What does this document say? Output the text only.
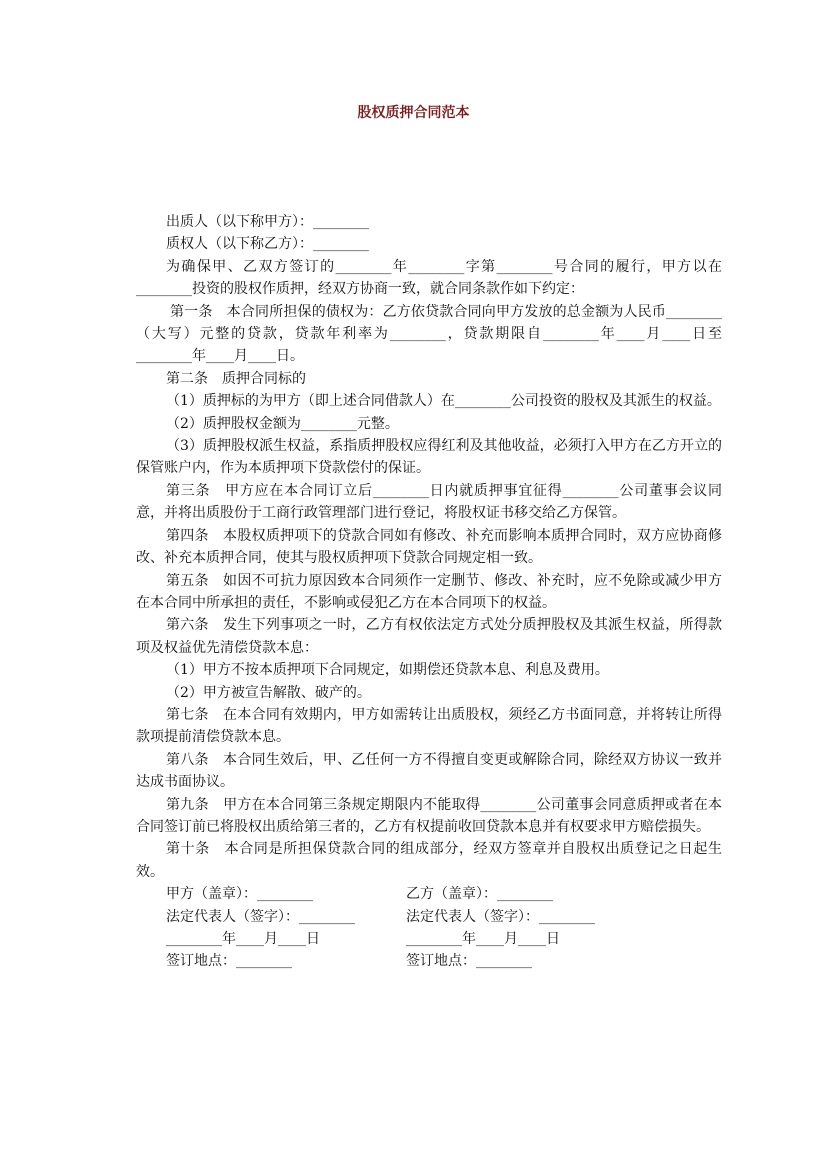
股权质押合同范本

出质人（以下称甲方）：________

质权人（以下称乙方）：________

为确保甲、乙双方签订的________年________字第________号合同的履行，甲方以在________投资的股权作质押，经双方协商一致，就合同条款作如下约定：

第一条　本合同所担保的债权为：乙方依贷款合同向甲方发放的总金额为人民币________（大写）元整的贷款，贷款年利率为________，贷款期限自________年____月____日至________年____月____日。

第二条　质押合同标的

（1）质押标的为甲方（即上述合同借款人）在________公司投资的股权及其派生的权益。

（2）质押股权金额为________元整。

（3）质押股权派生权益，系指质押股权应得红利及其他收益，必须打入甲方在乙方开立的保管账户内，作为本质押项下贷款偿付的保证。

第三条　甲方应在本合同订立后________日内就质押事宜征得________公司董事会议同意，并将出质股份于工商行政管理部门进行登记，将股权证书移交给乙方保管。

第四条　本股权质押项下的贷款合同如有修改、补充而影响本质押合同时，双方应协商修改、补充本质押合同，使其与股权质押项下贷款合同规定相一致。

第五条　如因不可抗力原因致本合同须作一定删节、修改、补充时，应不免除或减少甲方在本合同中所承担的责任，不影响或侵犯乙方在本合同项下的权益。

第六条　发生下列事项之一时，乙方有权依法定方式处分质押股权及其派生权益，所得款项及权益优先清偿贷款本息：

（1）甲方不按本质押项下合同规定，如期偿还贷款本息、利息及费用。

（2）甲方被宣告解散、破产的。

第七条　在本合同有效期内，甲方如需转让出质股权，须经乙方书面同意，并将转让所得款项提前清偿贷款本息。

第八条　本合同生效后，甲、乙任何一方不得擅自变更或解除合同，除经双方协议一致并达成书面协议。

第九条　甲方在本合同第三条规定期限内不能取得________公司董事会同意质押或者在本合同签订前已将股权出质给第三者的，乙方有权提前收回贷款本息并有权要求甲方赔偿损失。

第十条　本合同是所担保贷款合同的组成部分，经双方签章并自股权出质登记之日起生效。

甲方（盖章）：________	乙方（盖章）：________
法定代表人（签字）：________	法定代表人（签字）：________
________年____月____日	________年____月____日
签订地点：________	签订地点：________
